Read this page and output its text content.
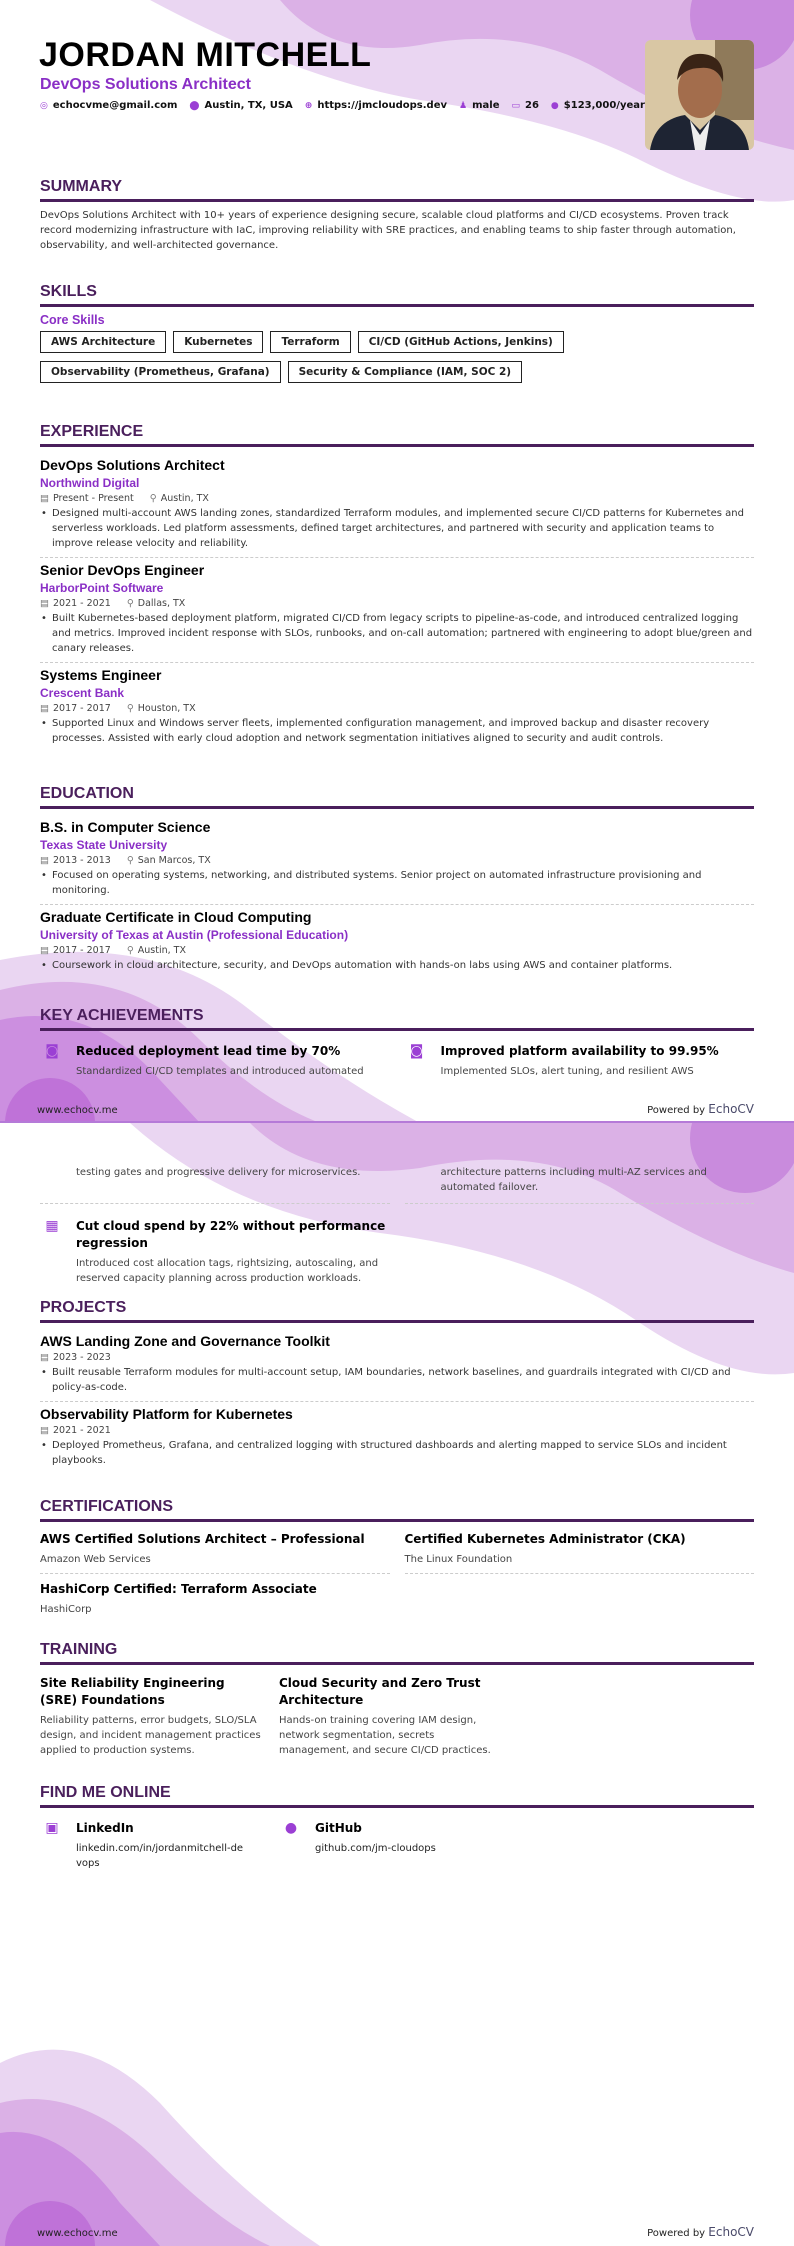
JORDAN MITCHELL
DevOps Solutions Architect
◎ echocvme@gmail.com ⬤ Austin, TX, USA ⊕ https://jmcloudops.dev ♟ male ▭ 26 ● $123,000/year
SUMMARY
DevOps Solutions Architect with 10+ years of experience designing secure, scalable cloud platforms and CI/CD ecosystems. Proven track record modernizing infrastructure with IaC, improving reliability with SRE practices, and enabling teams to ship faster through automation, observability, and well-architected governance.
SKILLS
Core Skills
AWS Architecture	Kubernetes	Terraform	CI/CD (GitHub Actions, Jenkins)
Observability (Prometheus, Grafana)	Security & Compliance (IAM, SOC 2)
EXPERIENCE
DevOps Solutions Architect
Northwind Digital
▤ Present - Present ⚲ Austin, TX
• Designed multi-account AWS landing zones, standardized Terraform modules, and implemented secure CI/CD patterns for Kubernetes and serverless workloads. Led platform assessments, defined target architectures, and partnered with security and application teams to improve release velocity and reliability.
Senior DevOps Engineer
HarborPoint Software
▤ 2021 - 2021 ⚲ Dallas, TX
• Built Kubernetes-based deployment platform, migrated CI/CD from legacy scripts to pipeline-as-code, and introduced centralized logging and metrics. Improved incident response with SLOs, runbooks, and on-call automation; partnered with engineering to adopt blue/green and canary releases.
Systems Engineer
Crescent Bank
▤ 2017 - 2017 ⚲ Houston, TX
• Supported Linux and Windows server fleets, implemented configuration management, and improved backup and disaster recovery processes. Assisted with early cloud adoption and network segmentation initiatives aligned to security and audit controls.
EDUCATION
B.S. in Computer Science
Texas State University
▤ 2013 - 2013 ⚲ San Marcos, TX
• Focused on operating systems, networking, and distributed systems. Senior project on automated infrastructure provisioning and monitoring.
Graduate Certificate in Cloud Computing
University of Texas at Austin (Professional Education)
▤ 2017 - 2017 ⚲ Austin, TX
• Coursework in cloud architecture, security, and DevOps automation with hands-on labs using AWS and container platforms.
KEY ACHIEVEMENTS
◙	Reduced deployment lead time by 70%
Standardized CI/CD templates and introduced automated
◙	Improved platform availability to 99.95%
Implemented SLOs, alert tuning, and resilient AWS
www.echocv.me	Powered by EchoCV
testing gates and progressive delivery for microservices.	architecture patterns including multi-AZ services and automated failover.
▦	Cut cloud spend by 22% without performance regression
Introduced cost allocation tags, rightsizing, autoscaling, and reserved capacity planning across production workloads.
PROJECTS
AWS Landing Zone and Governance Toolkit
▤ 2023 - 2023
• Built reusable Terraform modules for multi-account setup, IAM boundaries, network baselines, and guardrails integrated with CI/CD and policy-as-code.
Observability Platform for Kubernetes
▤ 2021 - 2021
• Deployed Prometheus, Grafana, and centralized logging with structured dashboards and alerting mapped to service SLOs and incident playbooks.
CERTIFICATIONS
AWS Certified Solutions Architect – Professional
Amazon Web Services
Certified Kubernetes Administrator (CKA)
The Linux Foundation
HashiCorp Certified: Terraform Associate
HashiCorp
TRAINING
Site Reliability Engineering (SRE) Foundations
Reliability patterns, error budgets, SLO/SLA design, and incident management practices applied to production systems.
Cloud Security and Zero Trust Architecture
Hands-on training covering IAM design, network segmentation, secrets management, and secure CI/CD practices.
FIND ME ONLINE
▣	LinkedIn
linkedin.com/in/jordanmitchell-devops
●	GitHub
github.com/jm-cloudops
www.echocv.me	Powered by EchoCV
